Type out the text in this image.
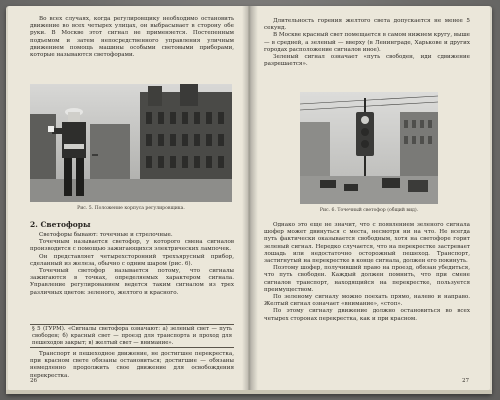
Во всех случаях, когда регулировщику необходимо остановить движение во всех четырех улицах, он выбрасывает в сторону обе руки. В Москве этот сигнал не применяется. Постепенным подъемом и затем непосредственного управления уличным движением помощь машины особыми световыми приборами, которые называются светофорами.

Рис. 5. Положение корпуса регулировщика.
2. Светофоры

Светофоры бывают: точечные и стрелочные.

Точечным называется светофор, у которого смена сигналов производится с помощью зажигающихся электрических лампочек.

Он представляет четырехсторонний трехъярусный прибор, сделанный из железа, обычно с одним шаром (рис. 6).

Точечный светофор называется потому, что сигналы зажигаются в точках, определяемых характером сигнала. Управление регулированием ведется таким сигналом из трех различных цветов: зеленого, желтого и красного.

§ 5 (ГУРМ). «Сигналы светофора означают: а) зеленый свет — путь свободен; б) красный свет — проезд для транспорта и проход для пешеходов закрыт; в) желтый свет — внимание».

Транспорт и пешеходное движение, не достигшее перекрестка, при красном свете обязаны остановиться; достигшие — обязаны немедленно продолжить свое движение для освобождения перекрестка.

26

Длительность горения желтого света допускается не менее 5 секунд.

В Москве красный свет помещается в самом нижнем кругу, выше — в средней, а зеленый — вверху (в Ленинграде, Харькове и других городах расположение сигналов иное).

Зеленый сигнал означает «путь свободен, иди сдвижение разрешается».

Рис. 6. Точечный светофор (общий вид).

Однако это еще не значит, что с появлением зеленого сигнала шофер может двинуться с места, несмотря ни на что. Не всегда путь фактически оказывается свободным, хотя на светофоре горит зеленый сигнал. Нередко случается, что на перекрестке застревает лошадь или недостаточно осторожный пешеход. Транспорт, застигнутый на перекрестке в конце сигнала, должен его покинуть.

Поэтому шофер, получивший право на проезд, обязан убедиться, что путь свободен. Каждый должен помнить, что при смене сигналов транспорт, находящийся на перекрестке, пользуется преимуществом.

По зеленому сигналу можно поехать прямо, налево и направо. Желтый сигнал означает «внимание», «стоп».

По этому сигналу движение должно остановиться во всех четырех сторонах перекрестка, как и при красном.

27
